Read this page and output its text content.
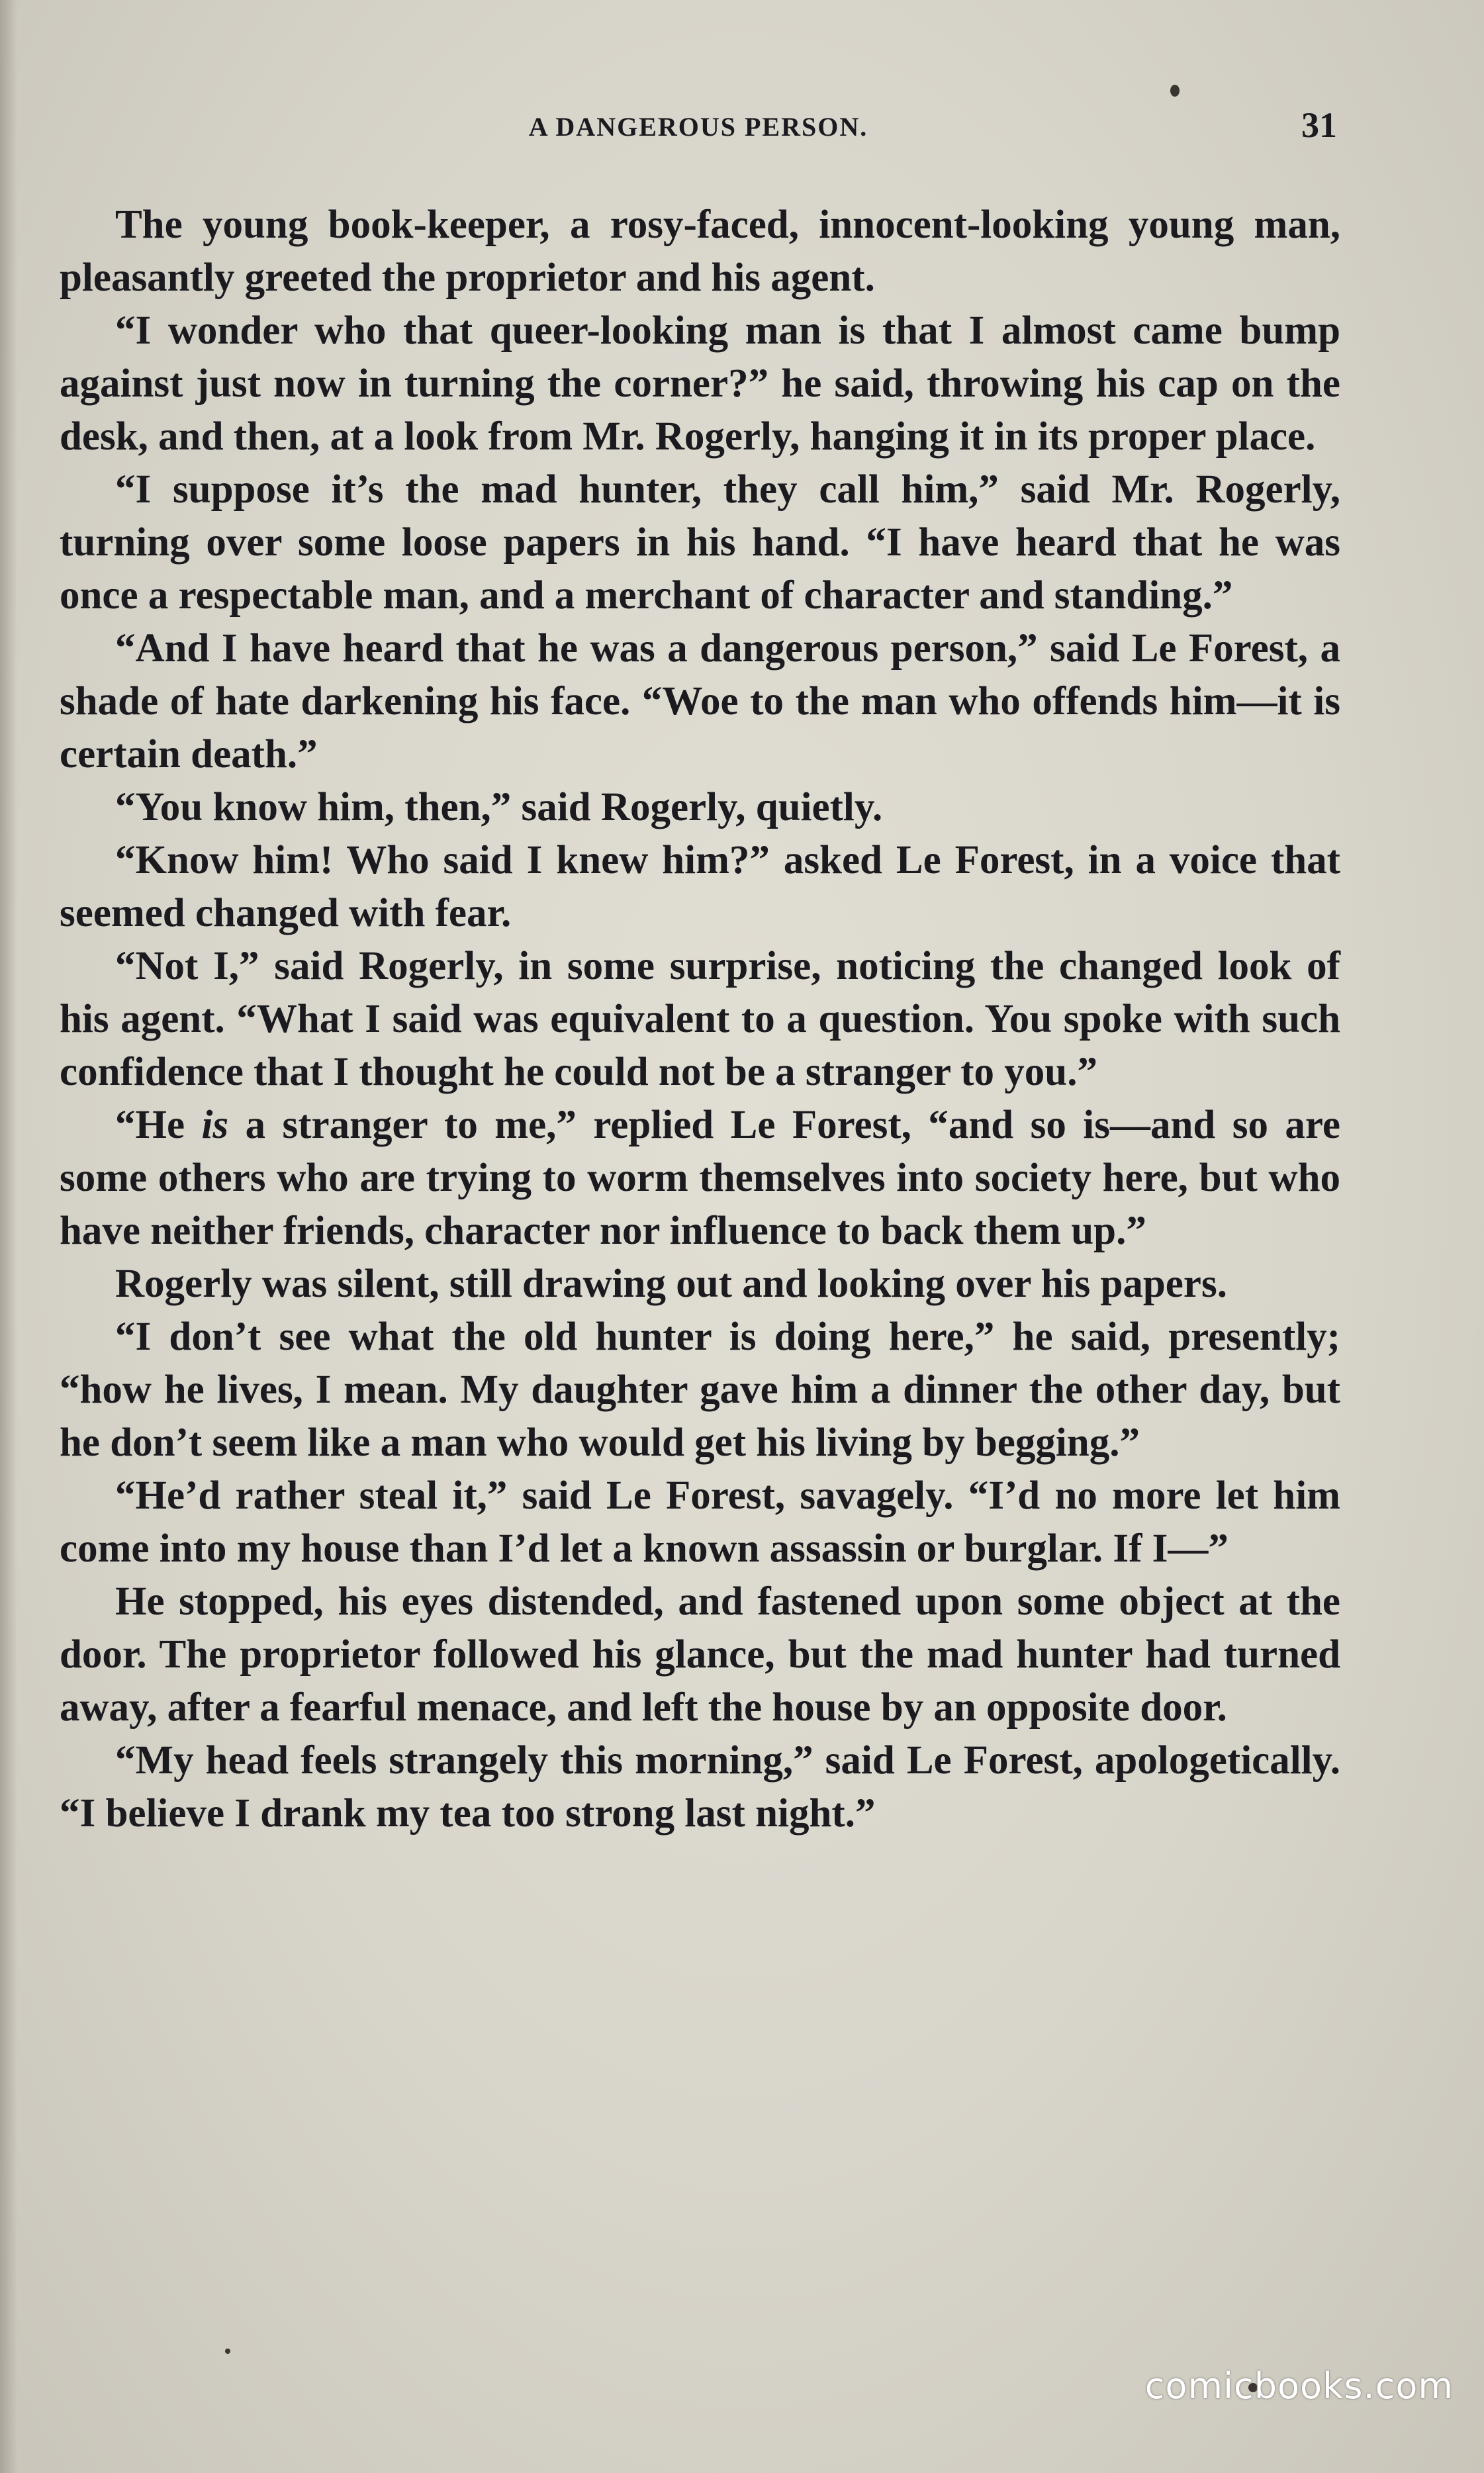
A DANGEROUS PERSON.	31

The young book-keeper, a rosy-faced, innocent-looking young man, pleasantly greeted the proprietor and his agent.

“I wonder who that queer-looking man is that I almost came bump against just now in turning the corner?” he said, throwing his cap on the desk, and then, at a look from Mr. Rogerly, hanging it in its proper place.

“I suppose it’s the mad hunter, they call him,” said Mr. Rogerly, turning over some loose papers in his hand. “I have heard that he was once a respectable man, and a merchant of character and standing.”

“And I have heard that he was a dangerous person,” said Le Forest, a shade of hate darkening his face. “Woe to the man who offends him—it is certain death.”

“You know him, then,” said Rogerly, quietly.

“Know him! Who said I knew him?” asked Le Forest, in a voice that seemed changed with fear.

“Not I,” said Rogerly, in some surprise, noticing the changed look of his agent. “What I said was equivalent to a question. You spoke with such confidence that I thought he could not be a stranger to you.”

“He is a stranger to me,” replied Le Forest, “and so is—and so are some others who are trying to worm themselves into society here, but who have neither friends, character nor influence to back them up.”

Rogerly was silent, still drawing out and looking over his papers.

“I don’t see what the old hunter is doing here,” he said, presently; “how he lives, I mean. My daughter gave him a dinner the other day, but he don’t seem like a man who would get his living by begging.”

“He’d rather steal it,” said Le Forest, savagely. “I’d no more let him come into my house than I’d let a known assassin or burglar. If I—”

He stopped, his eyes distended, and fastened upon some object at the door. The proprietor followed his glance, but the mad hunter had turned away, after a fearful menace, and left the house by an opposite door.

“My head feels strangely this morning,” said Le Forest, apologetically. “I believe I drank my tea too strong last night.”

comicbooks.com
